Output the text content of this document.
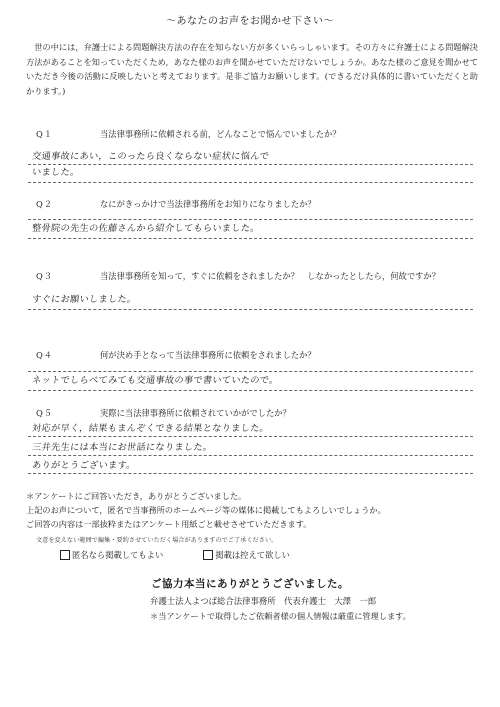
～あなたのお声をお聞かせ下さい～
　世の中には，弁護士による問題解決方法の存在を知らない方が多くいらっしゃいます。その方々に弁護士による問題解決方法があることを知っていただくため，あなた様のお声を聞かせていただけないでしょうか。あなた様のご意見を聞かせていただき今後の活動に反映したいと考えております。是非ご協力お願いします。(できるだけ具体的に書いていただくと助かります。)
Q１	当法律事務所に依頼される前，どんなことで悩んでいましたか？
交通事故にあい，このったら良くならない症状に悩んで
いました。
Q２	なにがきっかけで当法律事務所をお知りになりましたか？
整骨院の先生の佐藤さんから紹介してもらいました。
Q３	当法律事務所を知って，すぐに依頼をされましたか？　しなかったとしたら，何故ですか？
すぐにお願いしました。
Q４	何が決め手となって当法律事務所に依頼をされましたか？
ネットでしらべてみても交通事故の事で書いていたので。
Q５	実際に当法律事務所に依頼されていかがでしたか？
対応が早く，結果もまんぞくできる結果となりました。
三井先生には本当にお世話になりました。
ありがとうございます。
＊アンケートにご回答いただき，ありがとうございました。
上記のお声について，匿名で当事務所のホームページ等の媒体に掲載してもよろしいでしょうか。
ご回答の内容は一部抜粋またはアンケート用紙ごと載せさせていただきます。
文意を変えない範囲で編集・要約させていただく場合がありますのでご了承ください。
匿名なら掲載してもよい	掲載は控えて欲しい
ご協力本当にありがとうございました。
弁護士法人よつば総合法律事務所　代表弁護士　大澤　一郎
＊当アンケートで取得したご依頼者様の個人情報は厳重に管理します。
